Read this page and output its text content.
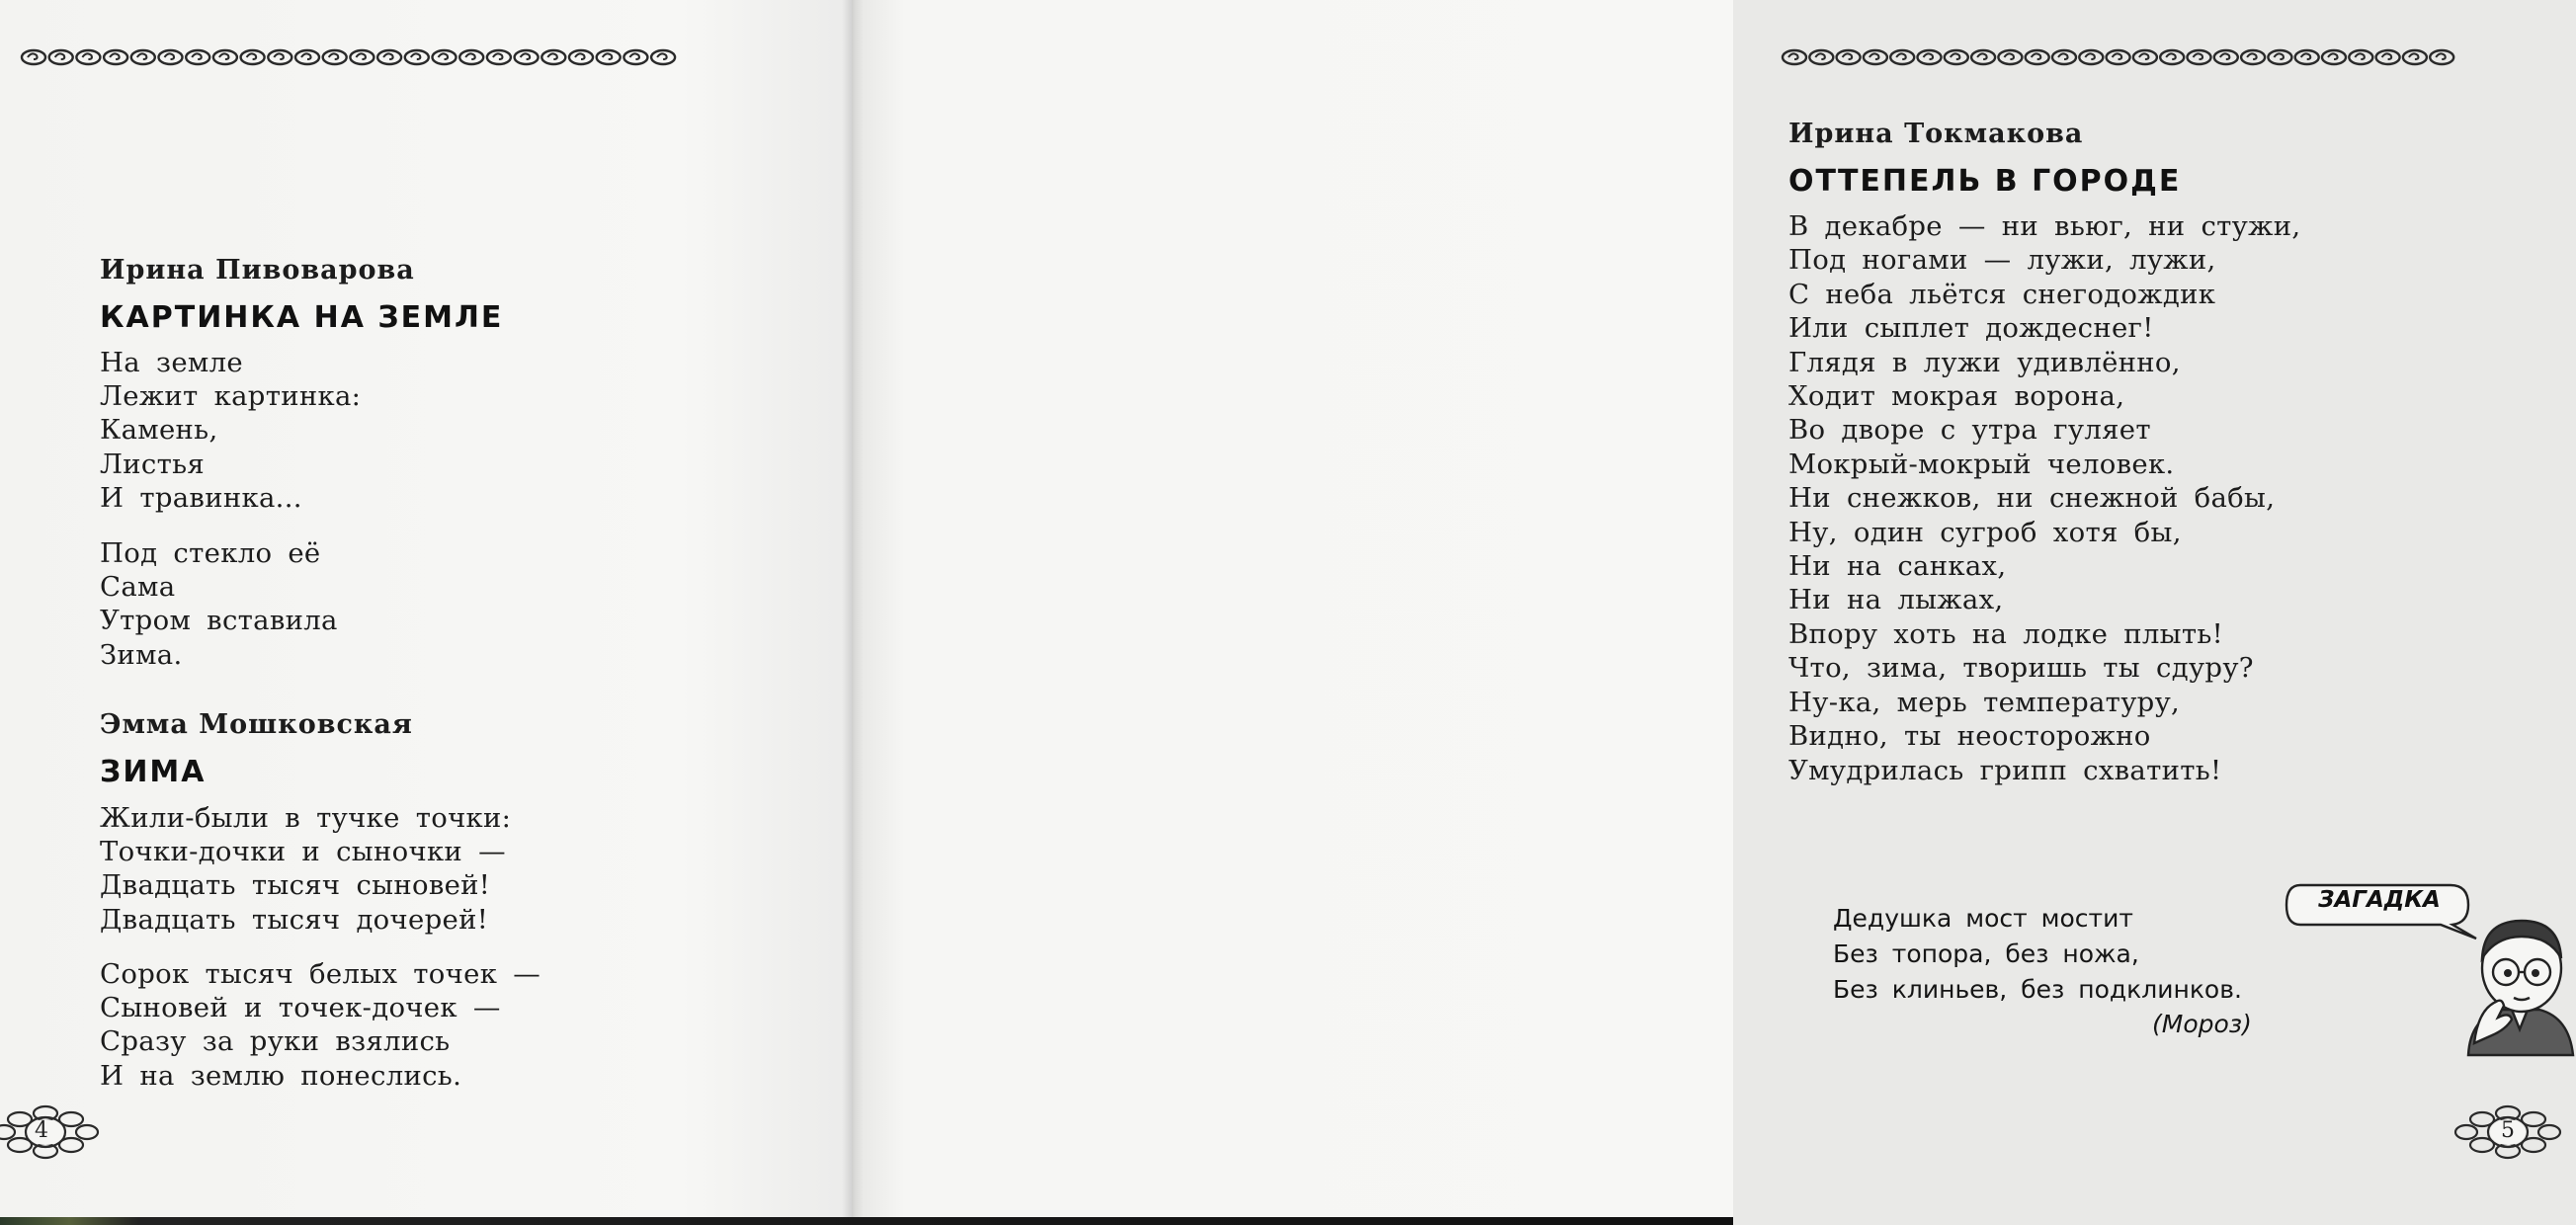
Ирина Пивоварова
КАРТИНКА НА ЗЕМЛЕ
На земле
Лежит картинка:
Камень,
Листья
И травинка...
Под стекло её
Сама
Утром вставила
Зима.
Эмма Мошковская
ЗИМА
Жили-были в тучке точки:
Точки-дочки и сыночки —
Двадцать тысяч сыновей!
Двадцать тысяч дочерей!
Сорок тысяч белых точек —
Сыновей и точек-дочек —
Сразу за руки взялись
И на землю понеслись.
4
Ирина Токмакова
ОТТЕПЕЛЬ В ГОРОДЕ
В декабре — ни вьюг, ни стужи,
Под ногами — лужи, лужи,
С неба льётся снегодождик
Или сыплет дождеснег!
Глядя в лужи удивлённо,
Ходит мокрая ворона,
Во дворе с утра гуляет
Мокрый-мокрый человек.
Ни снежков, ни снежной бабы,
Ну, один сугроб хотя бы,
Ни на санках,
Ни на лыжах,
Впору хоть на лодке плыть!
Что, зима, творишь ты сдуру?
Ну-ка, мерь температуру,
Видно, ты неосторожно
Умудрилась грипп схватить!
Дедушка мост мостит
Без топора, без ножа,
Без клиньев, без подклинков.
(Мороз)
ЗАГАДКА
5
